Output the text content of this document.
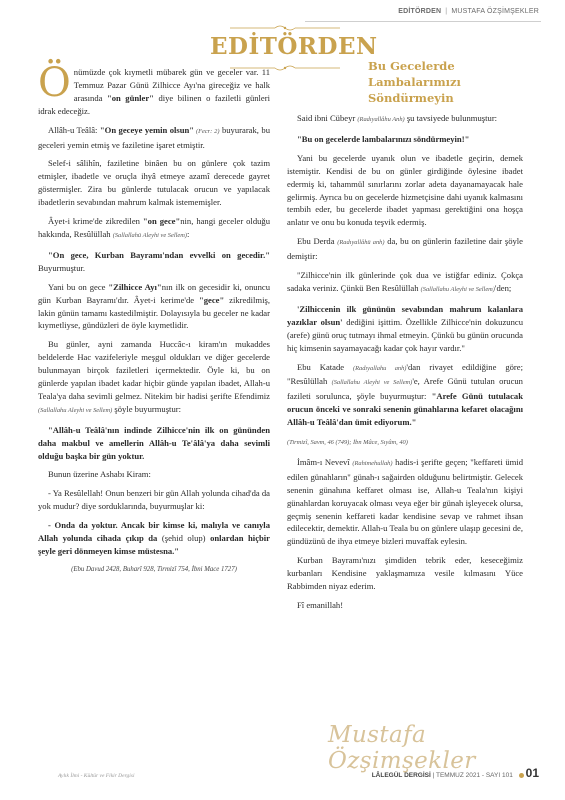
EDİTÖRDEN | MUSTAFA ÖZŞİMŞEKLER
EDİTÖRDEN
Bu Gecelerde
Lambalarımızı
Söndürmeyin

Önümüzde çok kıymetli mübarek gün ve geceler var. 11 Temmuz Pazar Günü Zilhicce Ayı'na gireceğiz ve halk arasında "on günler" diye bilinen o faziletli günleri idrak edeceğiz.

Allâh-u Teâlâ: "On geceye yemin olsun" (Fecr: 2) buyurarak, bu geceleri yemin etmiş ve faziletine işaret etmiştir.

Selef-i sâlihîn, faziletine binâen bu on günlere çok tazim etmişler, ibadetle ve oruçla ihyâ etmeye azamî derecede gayret göstermişler. Zira bu günlerde tutulacak orucun ve yapılacak ibadetlerin sevabından mahrum kalmak istememişler.

Âyet-i krime'de zikredilen "on gece"nin, hangi geceler olduğu hakkında, Resûlüllah (Sallallahü Aleyhi ve Sellem):

"On gece, Kurban Bayramı'ndan evvelki on gecedir." Buyurmuştur.

Yani bu on gece "Zilhicce Ayı"nın ilk on gecesidir ki, onuncu gün Kurban Bayramı'dır. Âyet-i kerime'de "gece" zikredilmiş, lakin günün tamamı kastedilmiştir. Dolayısıyla bu geceler ne kadar kıymetliyse, gündüzleri de öyle kıymetlidir.

Bu günler, ayni zamanda Huccâc-ı kiram'ın mukaddes beldelerde Hac vazifeleriyle meşgul oldukları ve diğer gecelerde bulunmayan birçok faziletleri içermektedir. Öyle ki, bu on günlerde yapılan ibadet kadar hiçbir günde yapılan ibadet, Allah-u Teala'ya daha sevimli gelmez. Nitekim bir hadisi şerifte Efendimiz (Sallallahu Aleyhi ve Sellem) şöyle buyurmuştur:

"Allâh-u Teâlâ'nın indinde Zilhicce'nin ilk on gününden daha makbul ve amellerin Allâh-u Te'âlâ'ya daha sevimli olduğu başka bir gün yoktur.

Bunun üzerine Ashabı Kiram:

- Ya Resûlellah! Onun benzeri bir gün Allah yolunda cihad'da da yok mudur? diye sorduklarında, buyurmuşlar ki:

- Onda da yoktur. Ancak bir kimse ki, malıyla ve canıyla Allah yolunda cihada çıkıp da (şehid olup) onlardan hiçbir şeyle geri dönmeyen kimse müstesna."

(Ebu Davud 2428, Buharî 928, Tirmizî 754, İbni Mace 1727)

Said ibni Cübeyr (Radıyallâhu Anh) şu tavsiyede bulunmuştur:

"Bu on gecelerde lambalarınızı söndürmeyin!"

Yani bu gecelerde uyanık olun ve ibadetle geçirin, demek istemiştir. Kendisi de bu on günler girdiğinde öylesine ibadet edermiş ki, tahammül sınırlarını zorlar adeta dayanamayacak hale gelirmiş. Ayrıca bu on gecelerde hizmetçisine dahi uyanık kalmasını tembih eder, bu gecelerde ibadet yapması gerektiğini ona hoşça anlatır ve onu bu konuda teşvik edermiş.

Ebu Derda (Radıyallâhü anh) da, bu on günlerin faziletine dair şöyle demiştir:

"Zilhicce'nin ilk günlerinde çok dua ve istiğfar ediniz. Çokça sadaka veriniz. Çünkü Ben Resûlüllah (Sallallahu Aleyhi ve Sellem)'den;

'Zilhiccenin ilk gününün sevabından mahrum kalanlara yazıklar olsun' dediğini işittim. Özellikle Zilhicce'nin dokuzuncu (arefe) günü oruç tutmayı ihmal etmeyin. Çünkü bu günün orucunda hiç kimsenin sayamayacağı kadar çok hayır vardır."

Ebu Katade (Radıyallahu anh)'dan rivayet edildiğine göre; "Resûlüllah (Sallallahu Aleyhi ve Sellem)'e, Arefe Günü tutulan orucun fazileti sorulunca, şöyle buyurmuştur: "Arefe Günü tutulacak orucun önceki ve sonraki senenin günahlarına kefaret olacağını Allâh-u Teâlâ'dan ümit ediyorum."

(Tirmizî, Savm, 46 (749); İbn Mâce, Sıyâm, 40)

İmâm-ı Nevevî (Rahimehullah) hadis-i şerifte geçen; "keffareti ümid edilen günahların" günah-ı sağairden olduğunu belirtmiştir. Gelecek senenin günahına keffaret olması ise, Allah-u Teala'nın kişiyi günahlardan koruyacak olması veya eğer bir günah işleyecek olursa, geçmiş senenin keffareti kadar kendisine sevap ve rahmet ihsan edilecektir, demektir. Allah-u Teala bu on günlere ulaşıp gecesini de, gündüzünü de ihya etmeye bizleri muvaffak eylesin.

Kurban Bayramı'nızı şimdiden tebrik eder, keseceğimiz kurbanları Kendisine yaklaşmamıza vesile kılmasını Yüce Rabbimden niyaz ederim.

Fî emanillah!

Mustafa Özşimşekler
Aylık İlmi - Kültür ve Fikir Dergisi	LÂLEGÜL DERGİSİ | TEMMUZ 2021 - SAYI 101 01
